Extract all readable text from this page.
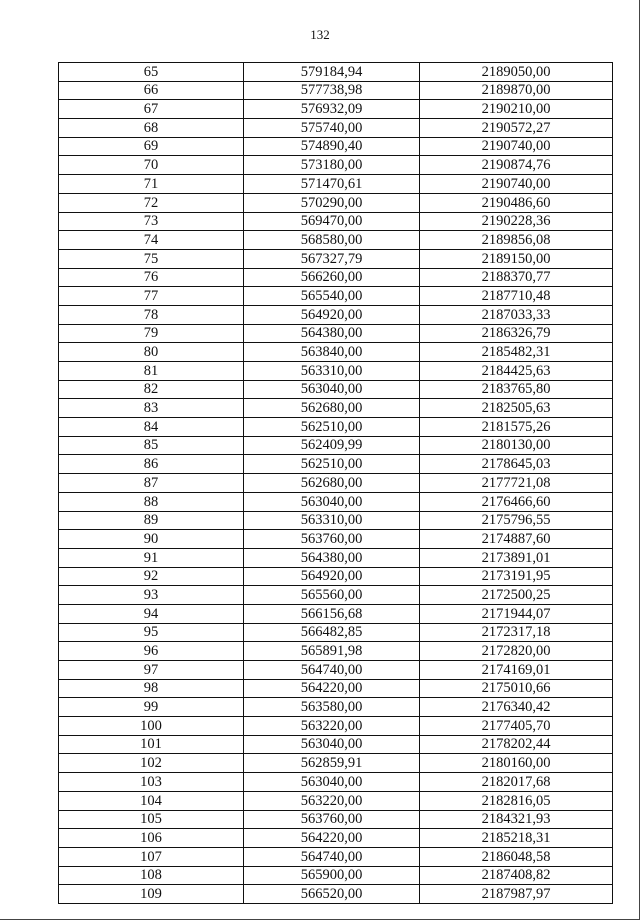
132
65	579184,94	2189050,00
66	577738,98	2189870,00
67	576932,09	2190210,00
68	575740,00	2190572,27
69	574890,40	2190740,00
70	573180,00	2190874,76
71	571470,61	2190740,00
72	570290,00	2190486,60
73	569470,00	2190228,36
74	568580,00	2189856,08
75	567327,79	2189150,00
76	566260,00	2188370,77
77	565540,00	2187710,48
78	564920,00	2187033,33
79	564380,00	2186326,79
80	563840,00	2185482,31
81	563310,00	2184425,63
82	563040,00	2183765,80
83	562680,00	2182505,63
84	562510,00	2181575,26
85	562409,99	2180130,00
86	562510,00	2178645,03
87	562680,00	2177721,08
88	563040,00	2176466,60
89	563310,00	2175796,55
90	563760,00	2174887,60
91	564380,00	2173891,01
92	564920,00	2173191,95
93	565560,00	2172500,25
94	566156,68	2171944,07
95	566482,85	2172317,18
96	565891,98	2172820,00
97	564740,00	2174169,01
98	564220,00	2175010,66
99	563580,00	2176340,42
100	563220,00	2177405,70
101	563040,00	2178202,44
102	562859,91	2180160,00
103	563040,00	2182017,68
104	563220,00	2182816,05
105	563760,00	2184321,93
106	564220,00	2185218,31
107	564740,00	2186048,58
108	565900,00	2187408,82
109	566520,00	2187987,97
